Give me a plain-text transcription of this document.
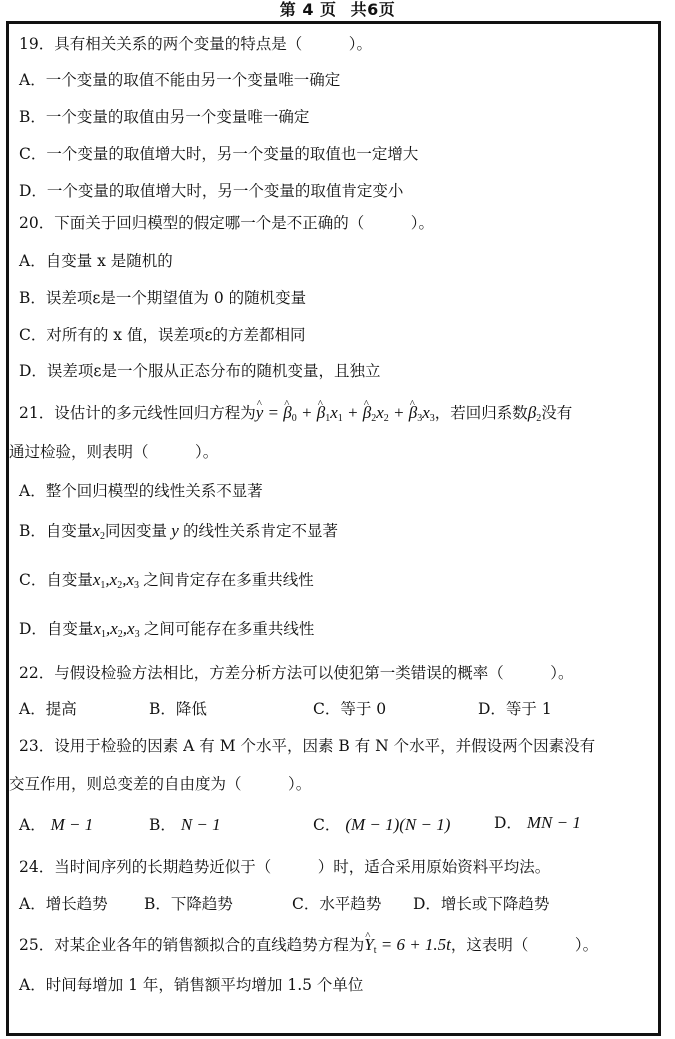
第 4 页 共6页
19．具有相关关系的两个变量的特点是（　　　）。
A．一个变量的取值不能由另一个变量唯一确定
B．一个变量的取值由另一个变量唯一确定
C．一个变量的取值增大时，另一个变量的取值也一定增大
D．一个变量的取值增大时，另一个变量的取值肯定变小
20．下面关于回归模型的假定哪一个是不正确的（　　　）。
A．自变量 x 是随机的
B．误差项ε是一个期望值为 0 的随机变量
C．对所有的 x 值，误差项ε的方差都相同
D．误差项ε是一个服从正态分布的随机变量，且独立
21．设估计的多元线性回归方程为^ y = ^ $\beta_0$ + ^ $\beta_1x_1$ + ^ $\beta_2x_2$ + ^ $\beta_3x_3$，若回归系数$\beta_2$没有
通过检验，则表明（　　　）。
A．整个回归模型的线性关系不显著
B．自变量$x_2$同因变量 y 的线性关系肯定不显著
C．自变量$x_1,x_2,x_3$ 之间肯定存在多重共线性
D．自变量$x_1,x_2,x_3$ 之间可能存在多重共线性
22．与假设检验方法相比，方差分析方法可以使犯第一类错误的概率（　　　）。
A．提高	B．降低	C．等于 0	D．等于 1
23．设用于检验的因素 A 有 M 个水平，因素 B 有 N 个水平，并假设两个因素没有
交互作用，则总变差的自由度为（　　　）。
A． M − 1	B． N − 1	C． (M − 1)(N − 1)	D． MN − 1
24．当时间序列的长期趋势近似于（　　　）时，适合采用原始资料平均法。
A．增长趋势 B．下降趋势	C．水平趋势 D．增长或下降趋势
25．对某企业各年的销售额拟合的直线趋势方程为^ $Y_t = 6 + 1.5t$，这表明（　　　）。
A．时间每增加 1 年，销售额平均增加 1.5 个单位
